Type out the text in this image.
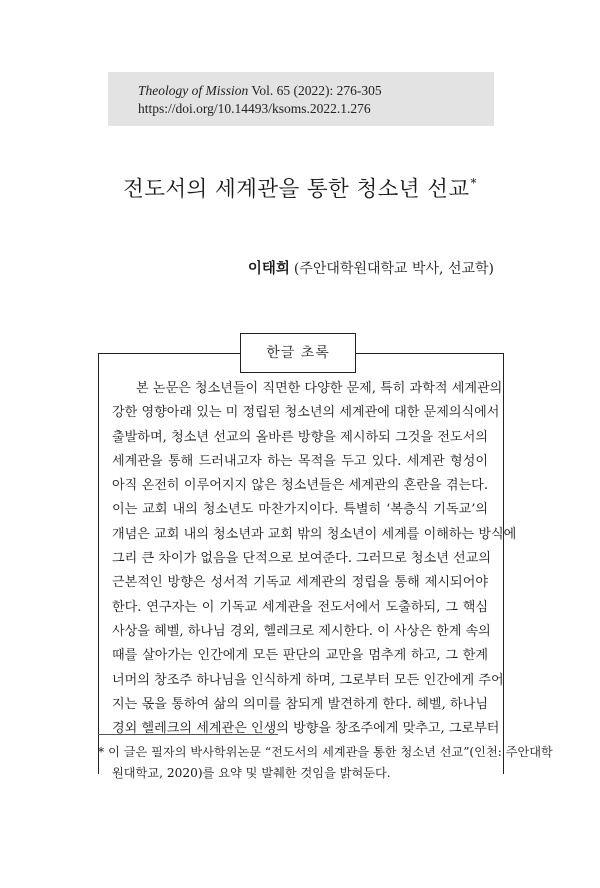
Theology of Mission Vol. 65 (2022): 276-305
https://doi.org/10.14493/ksoms.2022.1.276
전도서의 세계관을 통한 청소년 선교*
이태희 (주안대학원대학교 박사, 선교학)
한글 초록
본 논문은 청소년들이 직면한 다양한 문제, 특히 과학적 세계관의
강한 영향아래 있는 미 정립된 청소년의 세계관에 대한 문제의식에서
출발하며, 청소년 선교의 올바른 방향을 제시하되 그것을 전도서의
세계관을 통해 드러내고자 하는 목적을 두고 있다. 세계관 형성이
아직 온전히 이루어지지 않은 청소년들은 세계관의 혼란을 겪는다.
이는 교회 내의 청소년도 마찬가지이다. 특별히 ‘복층식 기독교’의
개념은 교회 내의 청소년과 교회 밖의 청소년이 세계를 이해하는 방식에
그리 큰 차이가 없음을 단적으로 보여준다. 그러므로 청소년 선교의
근본적인 방향은 성서적 기독교 세계관의 정립을 통해 제시되어야
한다. 연구자는 이 기독교 세계관을 전도서에서 도출하되, 그 핵심
사상을 헤벨, 하나님 경외, 헬레크로 제시한다. 이 사상은 한계 속의
때를 살아가는 인간에게 모든 판단의 교만을 멈추게 하고, 그 한계
너머의 창조주 하나님을 인식하게 하며, 그로부터 모든 인간에게 주어
지는 몫을 통하여 삶의 의미를 참되게 발견하게 한다. 헤벨, 하나님
경외 헬레크의 세계관은 인생의 방향을 창조주에게 맞추고, 그로부터
* 이 글은 필자의 박사학위논문 “전도서의 세계관을 통한 청소년 선교”(인천: 주안대학
원대학교, 2020)를 요약 및 발췌한 것임을 밝혀둔다.
